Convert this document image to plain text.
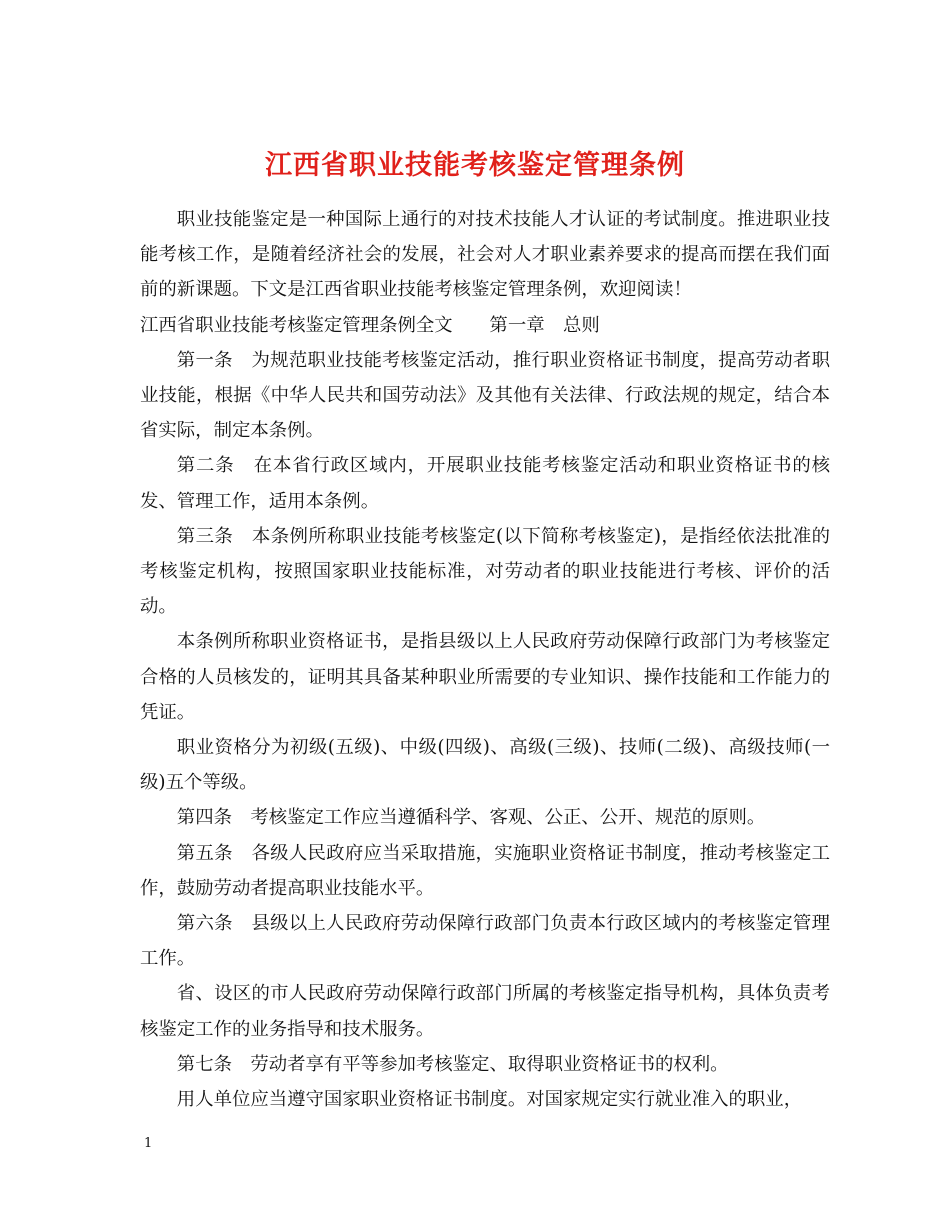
江西省职业技能考核鉴定管理条例

职业技能鉴定是一种国际上通行的对技术技能人才认证的考试制度。推进职业技能考核工作，是随着经济社会的发展，社会对人才职业素养要求的提高而摆在我们面前的新课题。下文是江西省职业技能考核鉴定管理条例，欢迎阅读！

江西省职业技能考核鉴定管理条例全文　　第一章　总则

第一条　为规范职业技能考核鉴定活动，推行职业资格证书制度，提高劳动者职业技能，根据《中华人民共和国劳动法》及其他有关法律、行政法规的规定，结合本省实际，制定本条例。

第二条　在本省行政区域内，开展职业技能考核鉴定活动和职业资格证书的核发、管理工作，适用本条例。

第三条　本条例所称职业技能考核鉴定(以下简称考核鉴定)，是指经依法批准的考核鉴定机构，按照国家职业技能标准，对劳动者的职业技能进行考核、评价的活动。

本条例所称职业资格证书，是指县级以上人民政府劳动保障行政部门为考核鉴定合格的人员核发的，证明其具备某种职业所需要的专业知识、操作技能和工作能力的凭证。

职业资格分为初级(五级)、中级(四级)、高级(三级)、技师(二级)、高级技师(一级)五个等级。

第四条　考核鉴定工作应当遵循科学、客观、公正、公开、规范的原则。

第五条　各级人民政府应当采取措施，实施职业资格证书制度，推动考核鉴定工作，鼓励劳动者提高职业技能水平。

第六条　县级以上人民政府劳动保障行政部门负责本行政区域内的考核鉴定管理工作。

省、设区的市人民政府劳动保障行政部门所属的考核鉴定指导机构，具体负责考核鉴定工作的业务指导和技术服务。

第七条　劳动者享有平等参加考核鉴定、取得职业资格证书的权利。

用人单位应当遵守国家职业资格证书制度。对国家规定实行就业准入的职业，

1
